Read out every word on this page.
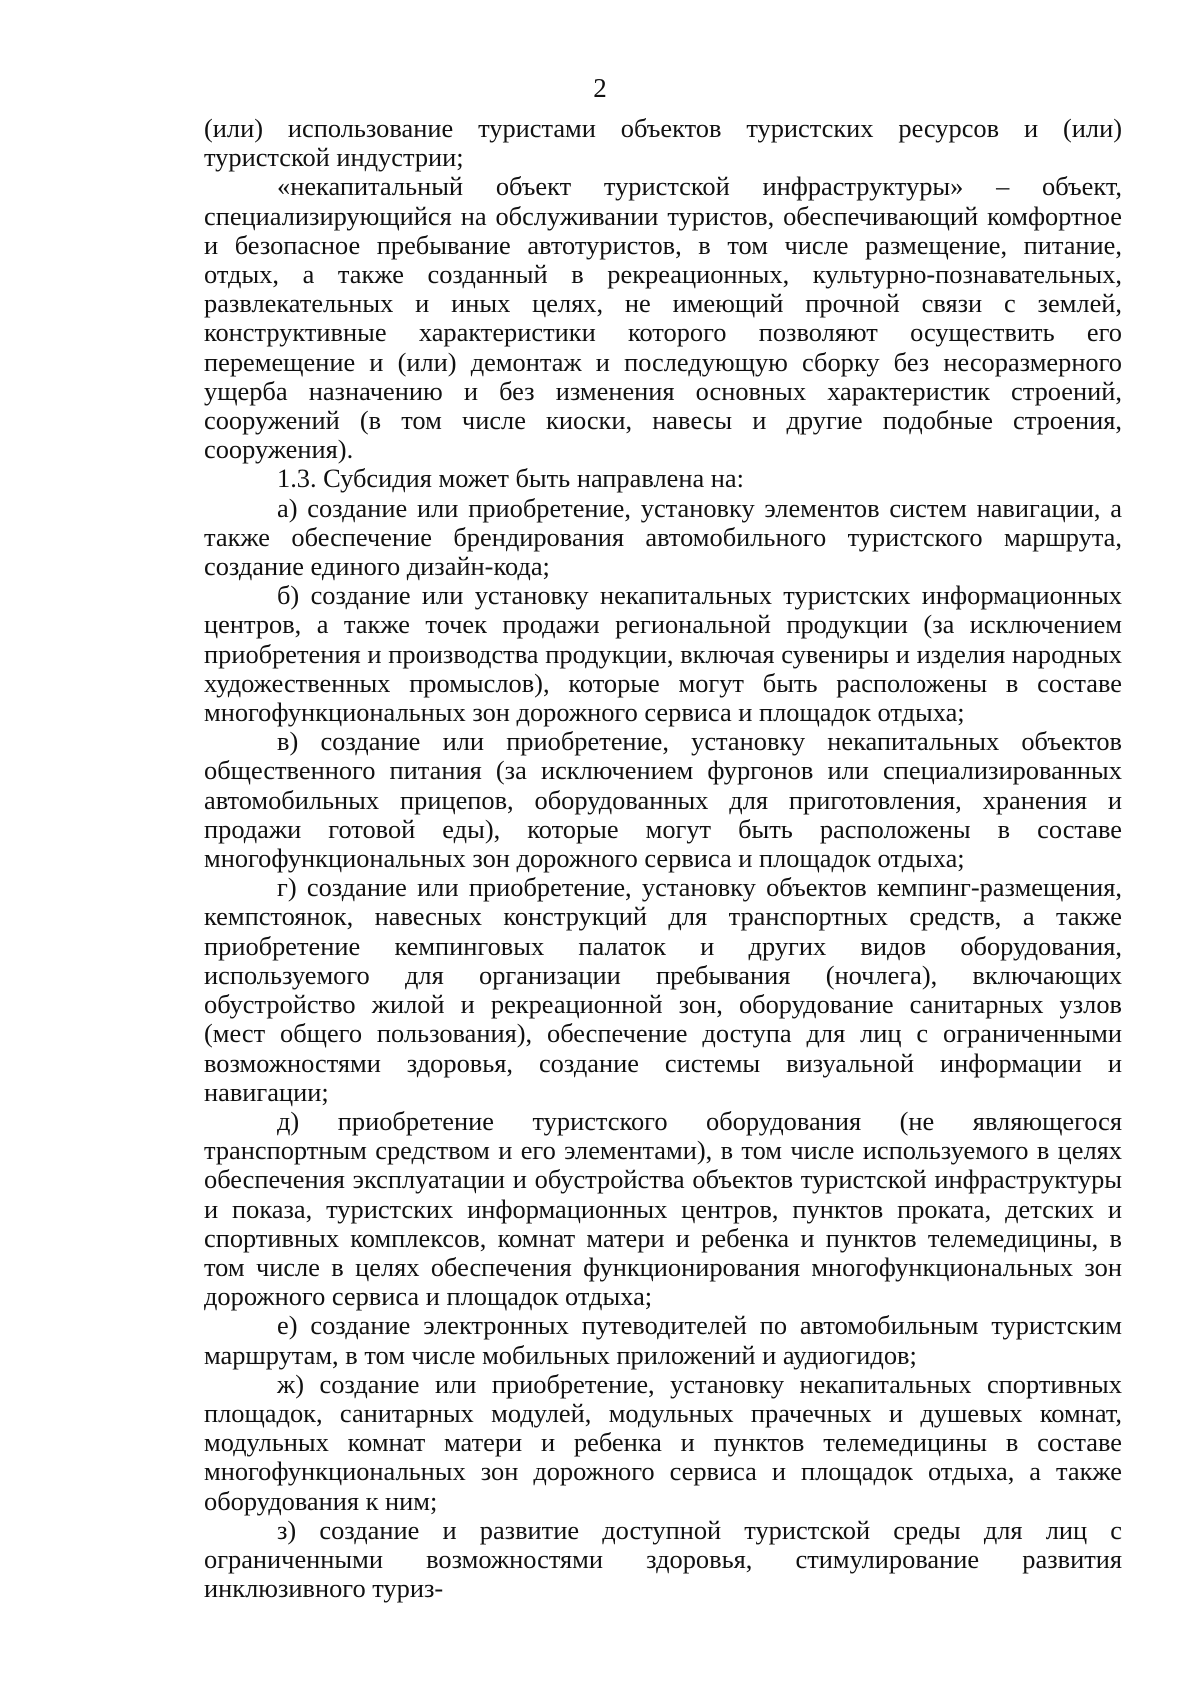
2

(или) использование туристами объектов туристских ресурсов и (или) туристской индустрии;

«некапитальный объект туристской инфраструктуры» – объект, специализирующийся на обслуживании туристов, обеспечивающий комфортное и безопасное пребывание автотуристов, в том числе размещение, питание, отдых, а также созданный в рекреационных, культурно-познавательных, развлекательных и иных целях, не имеющий прочной связи с землей, конструктивные характеристики которого позволяют осуществить его перемещение и (или) демонтаж и последующую сборку без несоразмерного ущерба назначению и без изменения основных характеристик строений, сооружений (в том числе киоски, навесы и другие подобные строения, сооружения).

1.3. Субсидия может быть направлена на:

а) создание или приобретение, установку элементов систем навигации, а также обеспечение брендирования автомобильного туристского маршрута, создание единого дизайн-кода;

б) создание или установку некапитальных туристских информационных центров, а также точек продажи региональной продукции (за исключением приобретения и производства продукции, включая сувениры и изделия народных художественных промыслов), которые могут быть расположены в составе многофункциональных зон дорожного сервиса и площадок отдыха;

в) создание или приобретение, установку некапитальных объектов общественного питания (за исключением фургонов или специализированных автомобильных прицепов, оборудованных для приготовления, хранения и продажи готовой еды), которые могут быть расположены в составе многофункциональных зон дорожного сервиса и площадок отдыха;

г) создание или приобретение, установку объектов кемпинг-размещения, кемпстоянок, навесных конструкций для транспортных средств, а также приобретение кемпинговых палаток и других видов оборудования, используемого для организации пребывания (ночлега), включающих обустройство жилой и рекреационной зон, оборудование санитарных узлов (мест общего пользования), обеспечение доступа для лиц с ограниченными возможностями здоровья, создание системы визуальной информации и навигации;

д) приобретение туристского оборудования (не являющегося транспортным средством и его элементами), в том числе используемого в целях обеспечения эксплуатации и обустройства объектов туристской инфраструктуры и показа, туристских информационных центров, пунктов проката, детских и спортивных комплексов, комнат матери и ребенка и пунктов телемедицины, в том числе в целях обеспечения функционирования многофункциональных зон дорожного сервиса и площадок отдыха;

е) создание электронных путеводителей по автомобильным туристским маршрутам, в том числе мобильных приложений и аудиогидов;

ж) создание или приобретение, установку некапитальных спортивных площадок, санитарных модулей, модульных прачечных и душевых комнат, модульных комнат матери и ребенка и пунктов телемедицины в составе многофункциональных зон дорожного сервиса и площадок отдыха, а также оборудования к ним;

з) создание и развитие доступной туристской среды для лиц с ограниченными возможностями здоровья, стимулирование развития инклюзивного туриз-
